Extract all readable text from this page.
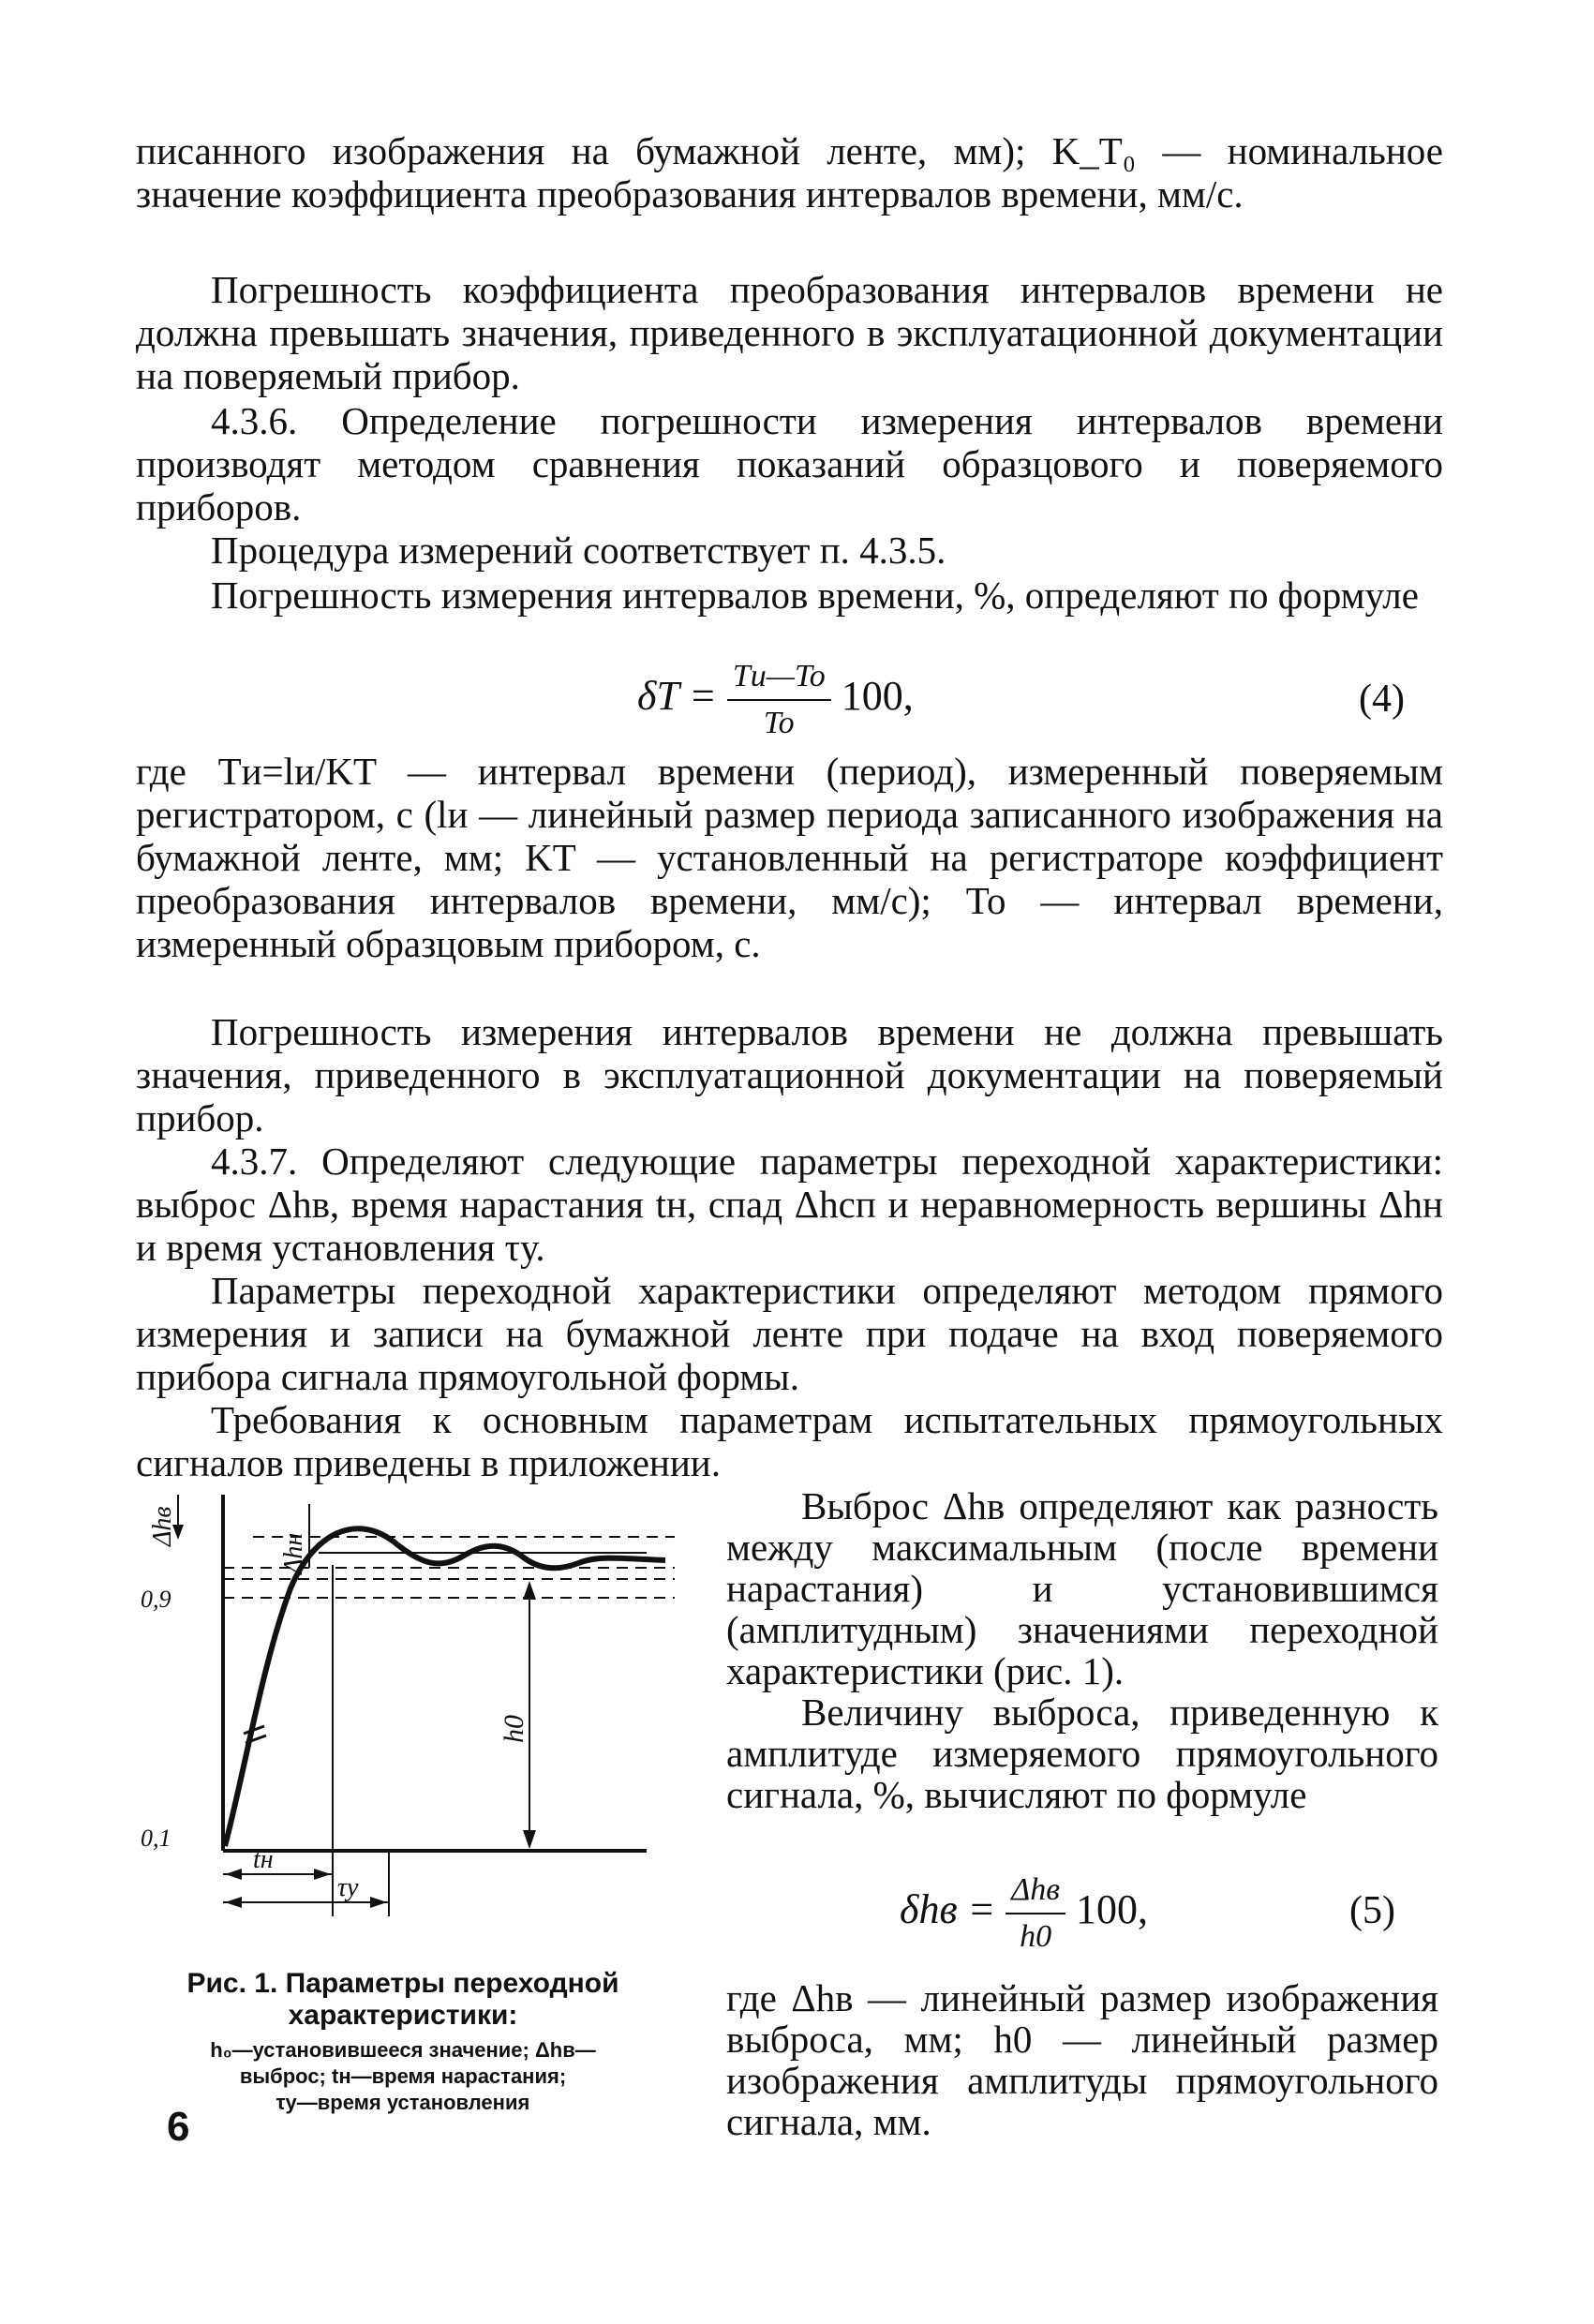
писанного изображения на бумажной ленте, мм); K_T₀ — номинальное значение коэффициента преобразования интервалов времени, мм/с.

Погрешность коэффициента преобразования интервалов времени не должна превышать значения, приведенного в эксплуатационной документации на поверяемый прибор.

4.3.6. Определение погрешности измерения интервалов времени производят методом сравнения показаний образцового и поверяемого приборов.

Процедура измерений соответствует п. 4.3.5.

Погрешность измерения интервалов времени, %, определяют по формуле

$\delta T = \frac{Tи—To}{To} 100$,	(4)

где Tи=lи/KT — интервал времени (период), измеренный поверяемым регистратором, с (lи — линейный размер периода записанного изображения на бумажной ленте, мм; KT — установленный на регистраторе коэффициент преобразования интервалов времени, мм/с); To — интервал времени, измеренный образцовым прибором, с.

Погрешность измерения интервалов времени не должна превышать значения, приведенного в эксплуатационной документации на поверяемый прибор.

4.3.7. Определяют следующие параметры переходной характеристики: выброс Δhв, время нарастания tн, спад Δhсп и неравномерность вершины Δhн и время установления τу.

Параметры переходной характеристики определяют методом прямого измерения и записи на бумажной ленте при подаче на вход поверяемого прибора сигнала прямоугольной формы.

Требования к основным параметрам испытательных прямоугольных сигналов приведены в приложении.

Δhв
Δhн
0,9
0,1
h0
tн
τy
Рис. 1. Параметры переходной характеристики:
h₀—установившееся значение; Δhв—
выброс; tн—время нарастания;
τу—время установления

Выброс Δhв определяют как разность между максимальным (после времени нарастания) и установившимся (амплитудным) значениями переходной характеристики (рис. 1).

Величину выброса, приведенную к амплитуде измеряемого прямоугольного сигнала, %, вычисляют по формуле

$\delta hв = \frac{\text{Δhв}}{h0} 100$,	(5)

где Δhв — линейный размер изображения выброса, мм; h0 — линейный размер изображения амплитуды прямоугольного сигнала, мм.

6
